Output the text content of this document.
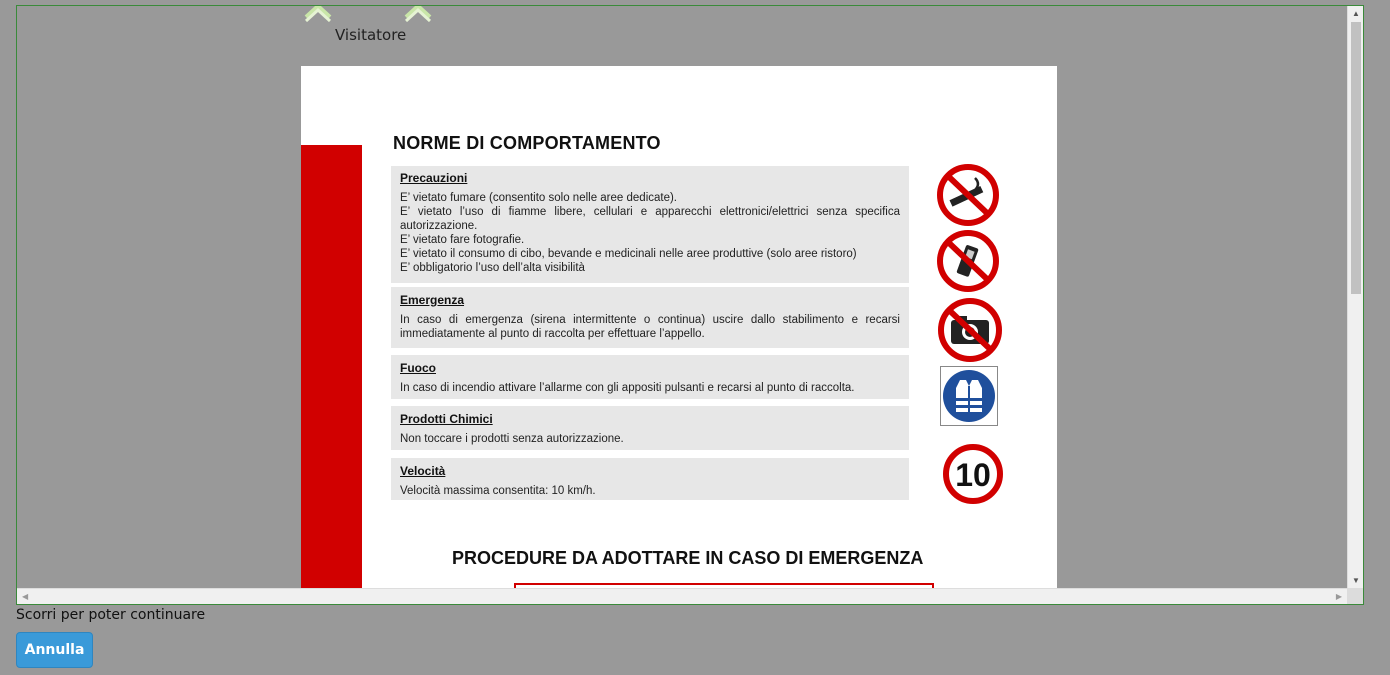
Visitatore
NORME DI COMPORTAMENTO
Precauzioni
E’ vietato fumare (consentito solo nelle aree dedicate).
E’ vietato l’uso di fiamme libere, cellulari e apparecchi elettronici/elettrici senza specifica autorizzazione.
E’ vietato fare fotografie.
E’ vietato il consumo di cibo, bevande e medicinali nelle aree produttive (solo aree ristoro)
E’ obbligatorio l’uso dell’alta visibilità
Emergenza
In caso di emergenza (sirena intermittente o continua) uscire dallo stabilimento e recarsi immediatamente al punto di raccolta per effettuare l’appello.
Fuoco
In caso di incendio attivare l’allarme con gli appositi pulsanti e recarsi al punto di raccolta.
Prodotti Chimici
Non toccare i prodotti senza autorizzazione.
Velocità
Velocità massima consentita: 10 km/h.	10
PROCEDURE DA ADOTTARE IN CASO DI EMERGENZA
▲
▼
◀	▶
Scorri per poter continuare
Annulla
